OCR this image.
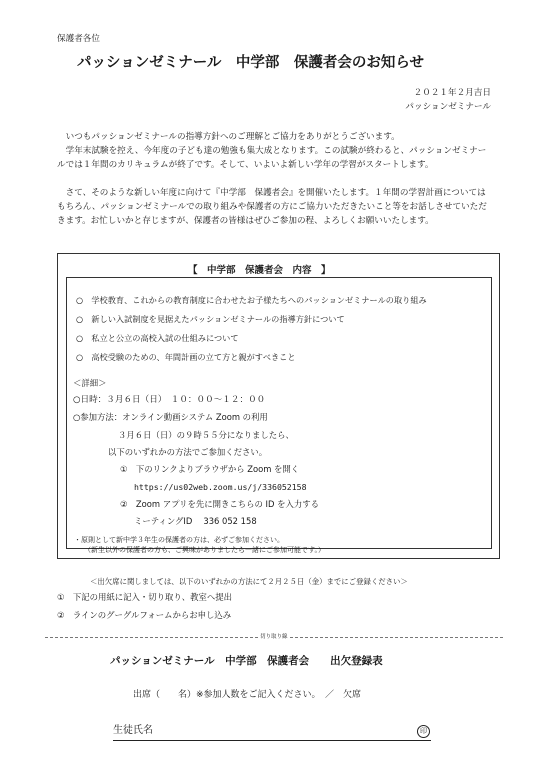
保護者各位
パッションゼミナール　中学部　保護者会のお知らせ
２０２１年２月吉日
パッションゼミナール
いつもパッションゼミナールの指導方針へのご理解とご協力をありがとうございます。
学年末試験を控え、今年度の子ども達の勉強も集大成となります。この試験が終わると、パッションゼミナールでは１年間のカリキュラムが終了です。そして、いよいよ新しい学年の学習がスタートします。
さて、そのような新しい年度に向けて『中学部　保護者会』を開催いたします。１年間の学習計画についてはもちろん、パッションゼミナールでの取り組みや保護者の方にご協力いただきたいこと等をお話しさせていただきます。お忙しいかと存じますが、保護者の皆様はぜひご参加の程、よろしくお願いいたします。
【　中学部　保護者会　内容　】
○　学校教育、これからの教育制度に合わせたお子様たちへのパッションゼミナールの取り組み
○　新しい入試制度を見据えたパッションゼミナールの指導方針について
○　私立と公立の高校入試の仕組みについて
○　高校受験のための、年間計画の立て方と親がすべきこと
＜詳細＞
○日時：３月６日（日）　１０：００～１２：００
○参加方法：オンライン動画システム Zoom の利用
３月６日（日）の９時５５分になりましたら、
以下のいずれかの方法でご参加ください。
①　下のリンクよりブラウザから Zoom を開く
https://us02web.zoom.us/j/336052158
②　Zoom アプリを先に開きこちらの ID を入力する
ミーティングID　 336 052 158
・原則として新中学３年生の保護者の方は、必ずご参加ください。
（新生以外の保護者の方も、ご興味がありましたら一緒にご参加可能です。）
＜出欠席に関しましては、以下のいずれかの方法にて２月２５日（金）までにご登録ください＞
①　下記の用紙に記入・切り取り、教室へ提出
②　ラインのグーグルフォームからお申し込み
切り取り線
パッションゼミナール　中学部　保護者会　　出欠登録表
出席（　　名）※参加人数をご記入ください。　／　欠席
生徒氏名	印
